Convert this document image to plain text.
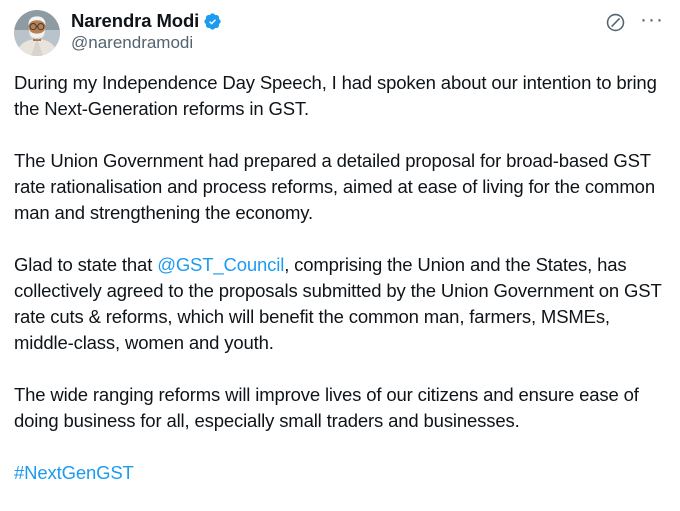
Narendra Modi
@narendramodi
···

During my Independence Day Speech, I had spoken about our intention to bring the Next-Generation reforms in GST.

The Union Government had prepared a detailed proposal for broad-based GST rate rationalisation and process reforms, aimed at ease of living for the common man and strengthening the economy.

Glad to state that @GST_Council, comprising the Union and the States, has collectively agreed to the proposals submitted by the Union Government on GST rate cuts & reforms, which will benefit the common man, farmers, MSMEs, middle-class, women and youth.

The wide ranging reforms will improve lives of our citizens and ensure ease of doing business for all, especially small traders and businesses.

#NextGenGST
